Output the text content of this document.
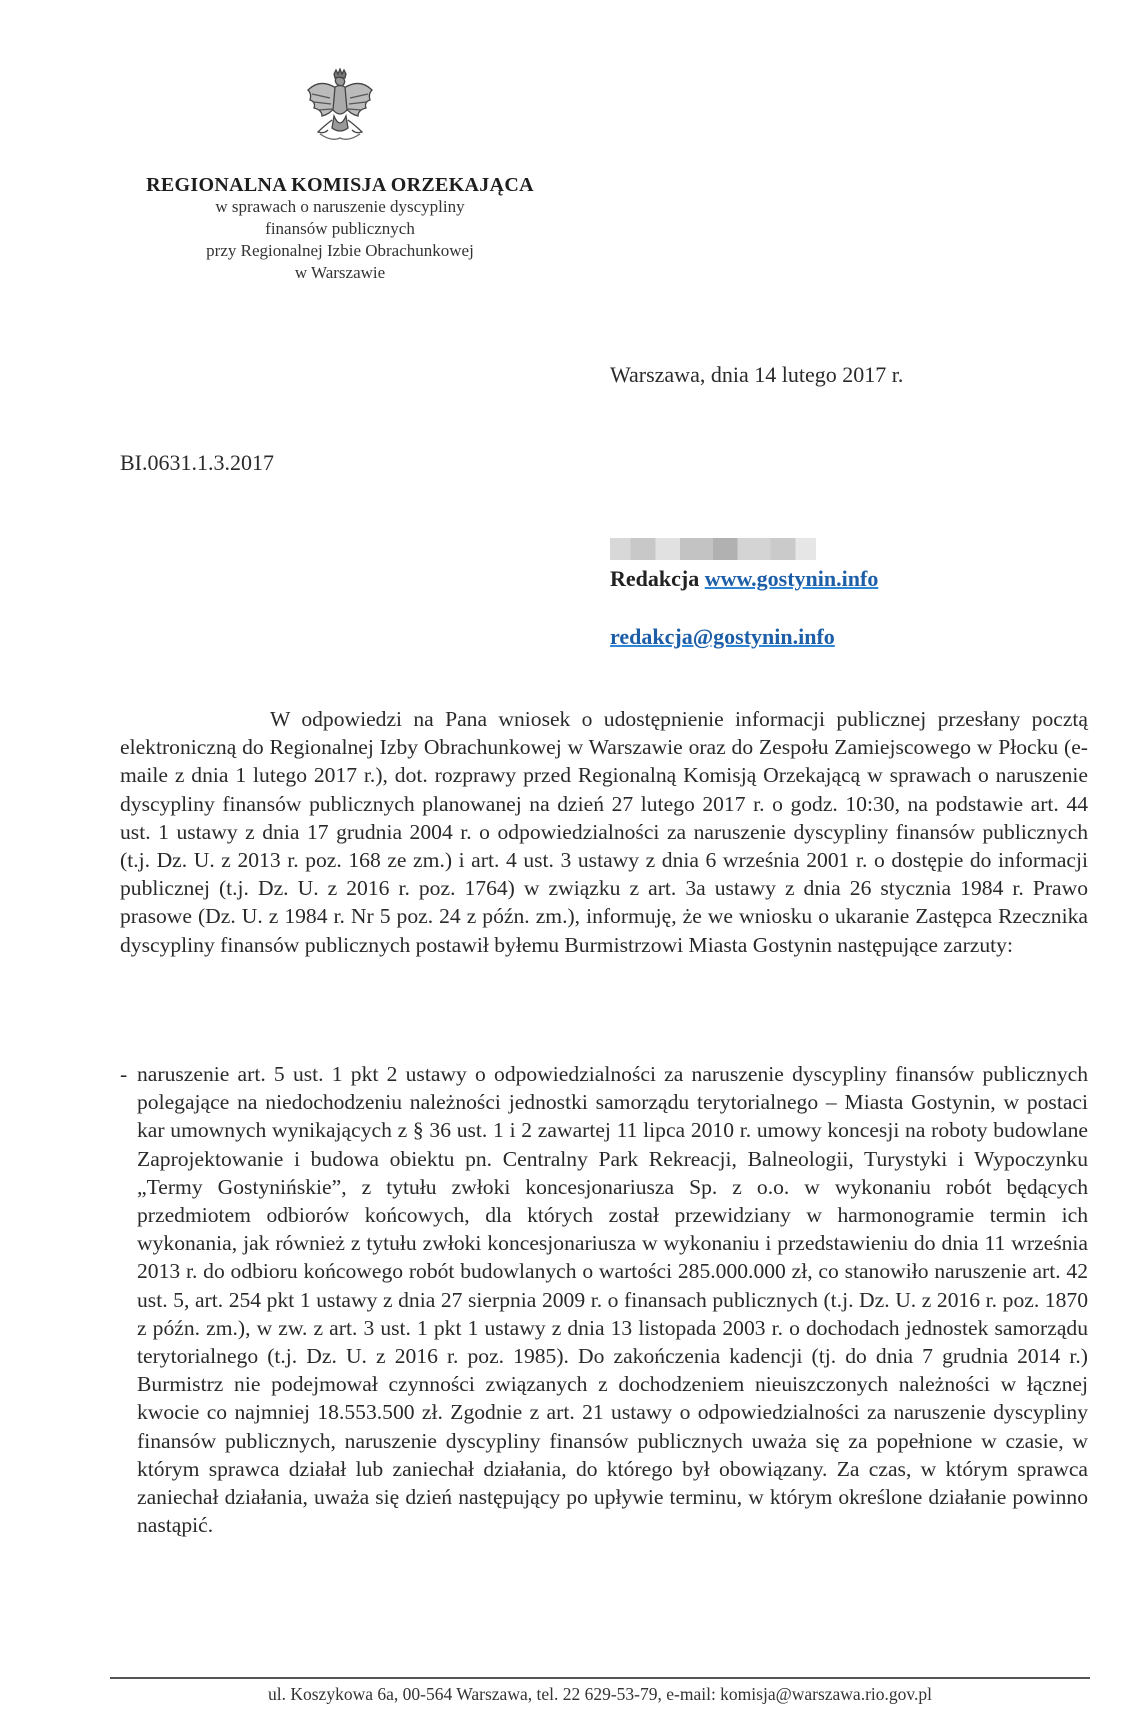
REGIONALNA KOMISJA ORZEKAJĄCA
w sprawach o naruszenie dyscypliny
finansów publicznych
przy Regionalnej Izbie Obrachunkowej
w Warszawie
Warszawa, dnia 14 lutego 2017 r.
BI.0631.1.3.2017
Redakcja www.gostynin.info
redakcja@gostynin.info

W odpowiedzi na Pana wniosek o udostępnienie informacji publicznej przesłany pocztą elektroniczną do Regionalnej Izby Obrachunkowej w Warszawie oraz do Zespołu Zamiejscowego w Płocku (e-maile z dnia 1 lutego 2017 r.), dot. rozprawy przed Regionalną Komisją Orzekającą w sprawach o naruszenie dyscypliny finansów publicznych planowanej na dzień 27 lutego 2017 r. o godz. 10:30, na podstawie art. 44 ust. 1 ustawy z dnia 17 grudnia 2004 r. o odpowiedzialności za naruszenie dyscypliny finansów publicznych (t.j. Dz. U. z 2013 r. poz. 168 ze zm.) i art. 4 ust. 3 ustawy z dnia 6 września 2001 r. o dostępie do informacji publicznej (t.j. Dz. U. z 2016 r. poz. 1764) w związku z art. 3a ustawy z dnia 26 stycznia 1984 r. Prawo prasowe (Dz. U. z 1984 r. Nr 5 poz. 24 z późn. zm.), informuję, że we wniosku o ukaranie Zastępca Rzecznika dyscypliny finansów publicznych postawił byłemu Burmistrzowi Miasta Gostynin następujące zarzuty:

- naruszenie art. 5 ust. 1 pkt 2 ustawy o odpowiedzialności za naruszenie dyscypliny finansów publicznych polegające na niedochodzeniu należności jednostki samorządu terytorialnego – Miasta Gostynin, w postaci kar umownych wynikających z § 36 ust. 1 i 2 zawartej 11 lipca 2010 r. umowy koncesji na roboty budowlane Zaprojektowanie i budowa obiektu pn. Centralny Park Rekreacji, Balneologii, Turystyki i Wypoczynku „Termy Gostynińskie”, z tytułu zwłoki koncesjonariusza Sp. z o.o. w wykonaniu robót będących przedmiotem odbiorów końcowych, dla których został przewidziany w harmonogramie termin ich wykonania, jak również z tytułu zwłoki koncesjonariusza w wykonaniu i przedstawieniu do dnia 11 września 2013 r. do odbioru końcowego robót budowlanych o wartości 285.000.000 zł, co stanowiło naruszenie art. 42 ust. 5, art. 254 pkt 1 ustawy z dnia 27 sierpnia 2009 r. o finansach publicznych (t.j. Dz. U. z 2016 r. poz. 1870 z późn. zm.), w zw. z art. 3 ust. 1 pkt 1 ustawy z dnia 13 listopada 2003 r. o dochodach jednostek samorządu terytorialnego (t.j. Dz. U. z 2016 r. poz. 1985). Do zakończenia kadencji (tj. do dnia 7 grudnia 2014 r.) Burmistrz nie podejmował czynności związanych z dochodzeniem nieuiszczonych należności w łącznej kwocie co najmniej 18.553.500 zł. Zgodnie z art. 21 ustawy o odpowiedzialności za naruszenie dyscypliny finansów publicznych, naruszenie dyscypliny finansów publicznych uważa się za popełnione w czasie, w którym sprawca działał lub zaniechał działania, do którego był obowiązany. Za czas, w którym sprawca zaniechał działania, uważa się dzień następujący po upływie terminu, w którym określone działanie powinno nastąpić.
ul. Koszykowa 6a, 00-564 Warszawa, tel. 22 629-53-79, e-mail: komisja@warszawa.rio.gov.pl
